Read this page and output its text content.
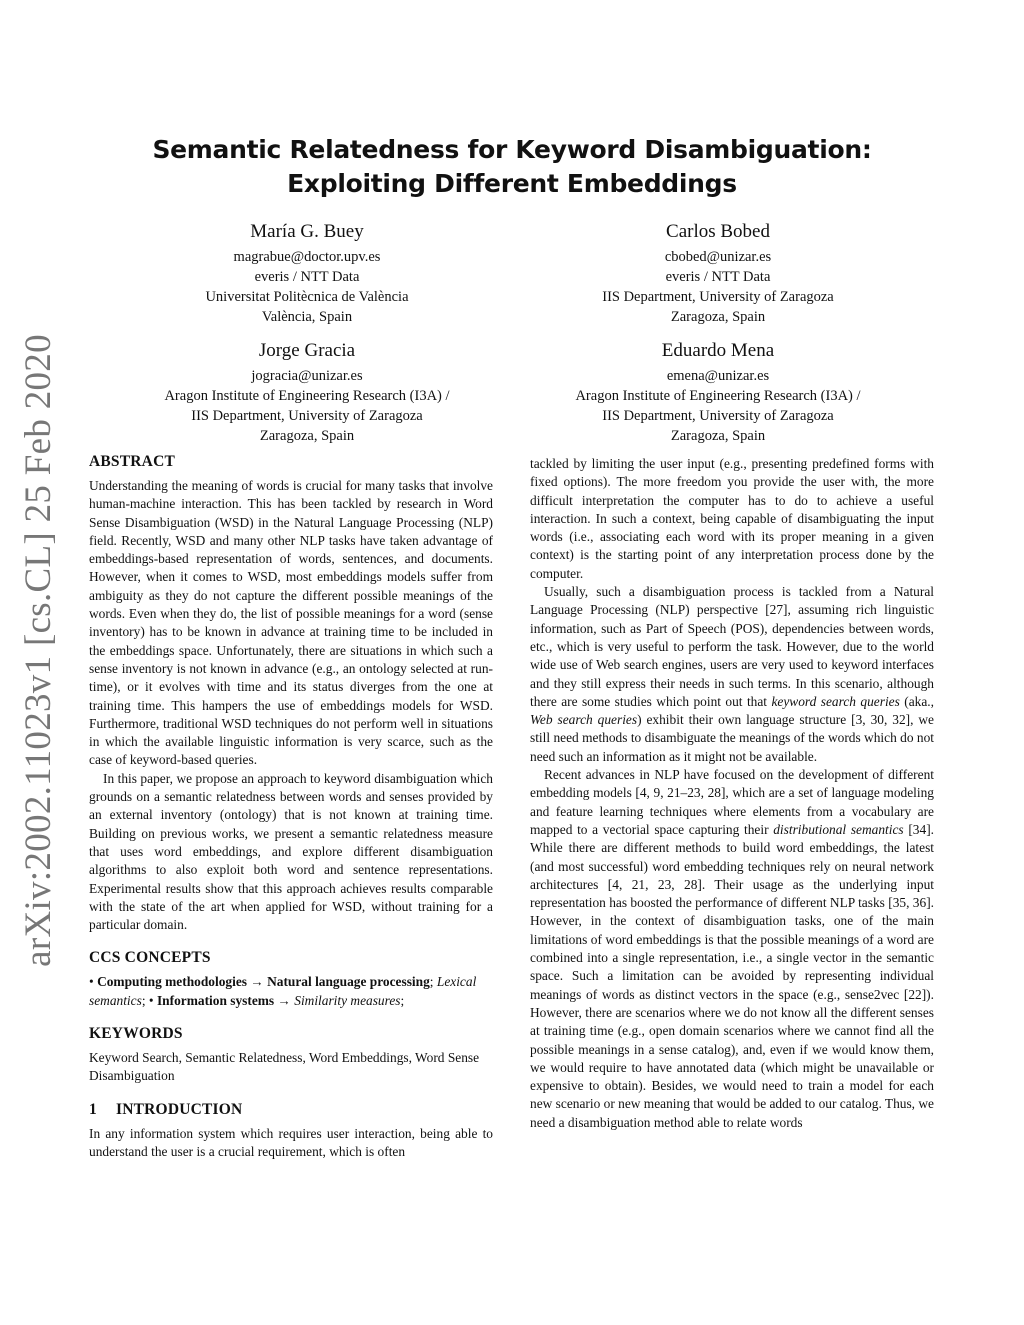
arXiv:2002.11023v1 [cs.CL] 25 Feb 2020
Semantic Relatedness for Keyword Disambiguation:
Exploiting Different Embeddings
María G. Buey
magrabue@doctor.upv.es
everis / NTT Data
Universitat Politècnica de València
València, Spain
Carlos Bobed
cbobed@unizar.es
everis / NTT Data
IIS Department, University of Zaragoza
Zaragoza, Spain
Jorge Gracia
jogracia@unizar.es
Aragon Institute of Engineering Research (I3A) /
IIS Department, University of Zaragoza
Zaragoza, Spain
Eduardo Mena
emena@unizar.es
Aragon Institute of Engineering Research (I3A) /
IIS Department, University of Zaragoza
Zaragoza, Spain
ABSTRACT

Understanding the meaning of words is crucial for many tasks that involve human-machine interaction. This has been tackled by research in Word Sense Disambiguation (WSD) in the Natural Language Processing (NLP) field. Recently, WSD and many other NLP tasks have taken advantage of embeddings-based representation of words, sentences, and documents. However, when it comes to WSD, most embeddings models suffer from ambiguity as they do not capture the different possible meanings of the words. Even when they do, the list of possible meanings for a word (sense inventory) has to be known in advance at training time to be included in the embeddings space. Unfortunately, there are situations in which such a sense inventory is not known in advance (e.g., an ontology selected at run-time), or it evolves with time and its status diverges from the one at training time. This hampers the use of embeddings models for WSD. Furthermore, traditional WSD techniques do not perform well in situations in which the available linguistic information is very scarce, such as the case of keyword-based queries.

In this paper, we propose an approach to keyword disambiguation which grounds on a semantic relatedness between words and senses provided by an external inventory (ontology) that is not known at training time. Building on previous works, we present a semantic relatedness measure that uses word embeddings, and explore different disambiguation algorithms to also exploit both word and sentence representations. Experimental results show that this approach achieves results comparable with the state of the art when applied for WSD, without training for a particular domain.

CCS CONCEPTS

• Computing methodologies → Natural language processing; Lexical semantics; • Information systems → Similarity measures;

KEYWORDS

Keyword Search, Semantic Relatedness, Word Embeddings, Word Sense Disambiguation

1 INTRODUCTION

In any information system which requires user interaction, being able to understand the user is a crucial requirement, which is often

tackled by limiting the user input (e.g., presenting predefined forms with fixed options). The more freedom you provide the user with, the more difficult interpretation the computer has to do to achieve a useful interaction. In such a context, being capable of disambiguating the input words (i.e., associating each word with its proper meaning in a given context) is the starting point of any interpretation process done by the computer.

Usually, such a disambiguation process is tackled from a Natural Language Processing (NLP) perspective [27], assuming rich linguistic information, such as Part of Speech (POS), dependencies between words, etc., which is very useful to perform the task. However, due to the world wide use of Web search engines, users are very used to keyword interfaces and they still express their needs in such terms. In this scenario, although there are some studies which point out that keyword search queries (aka., Web search queries) exhibit their own language structure [3, 30, 32], we still need methods to disambiguate the meanings of the words which do not need such an information as it might not be available.

Recent advances in NLP have focused on the development of different embedding models [4, 9, 21–23, 28], which are a set of language modeling and feature learning techniques where elements from a vocabulary are mapped to a vectorial space capturing their distributional semantics [34]. While there are different methods to build word embeddings, the latest (and most successful) word embedding techniques rely on neural network architectures [4, 21, 23, 28]. Their usage as the underlying input representation has boosted the performance of different NLP tasks [35, 36]. However, in the context of disambiguation tasks, one of the main limitations of word embeddings is that the possible meanings of a word are combined into a single representation, i.e., a single vector in the semantic space. Such a limitation can be avoided by representing individual meanings of words as distinct vectors in the space (e.g., sense2vec [22]). However, there are scenarios where we do not know all the different senses at training time (e.g., open domain scenarios where we cannot find all the possible meanings in a sense catalog), and, even if we would know them, we would require to have annotated data (which might be unavailable or expensive to obtain). Besides, we would need to train a model for each new scenario or new meaning that would be added to our catalog. Thus, we need a disambiguation method able to relate words
